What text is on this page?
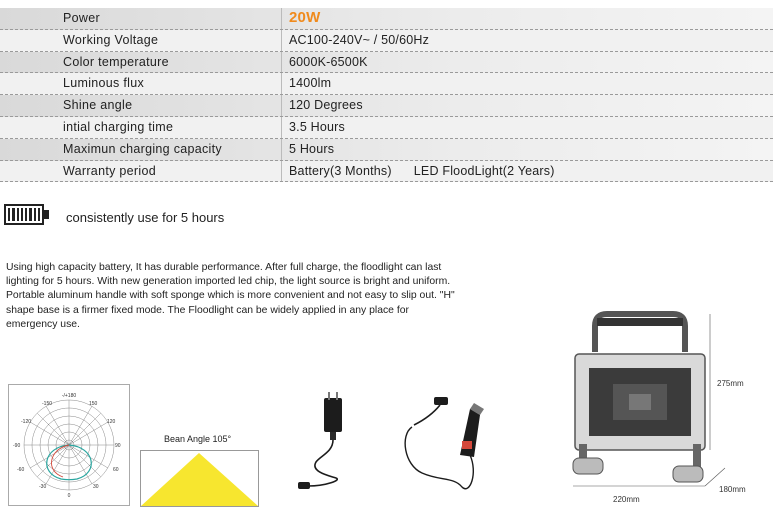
Power	20W
Working Voltage	AC100-240V~ / 50/60Hz
Color temperature	6000K-6500K
Luminous flux	1400lm
Shine angle	120 Degrees
intial charging time	3.5 Hours
Maximun charging capacity	5 Hours
Warranty period	Battery(3 Months)      LED FloodLight(2 Years)
consistently use for 5 hours
Using high capacity battery, It has durable performance. After full charge, the floodlight can last lighting for 5 hours. With new generation imported led chip, the light source is bright and uniform. Portable aluminum handle with soft sponge which is more convenient and not easy to slip out. "H" shape base is a firmer fixed mode. The Floodlight can be widely applied in any place for emergency use.
-/+180
0
-150	150
-120	120
-90	90
-60	60
-30	30
Bean Angle 105°
275mm
220mm
180mm
